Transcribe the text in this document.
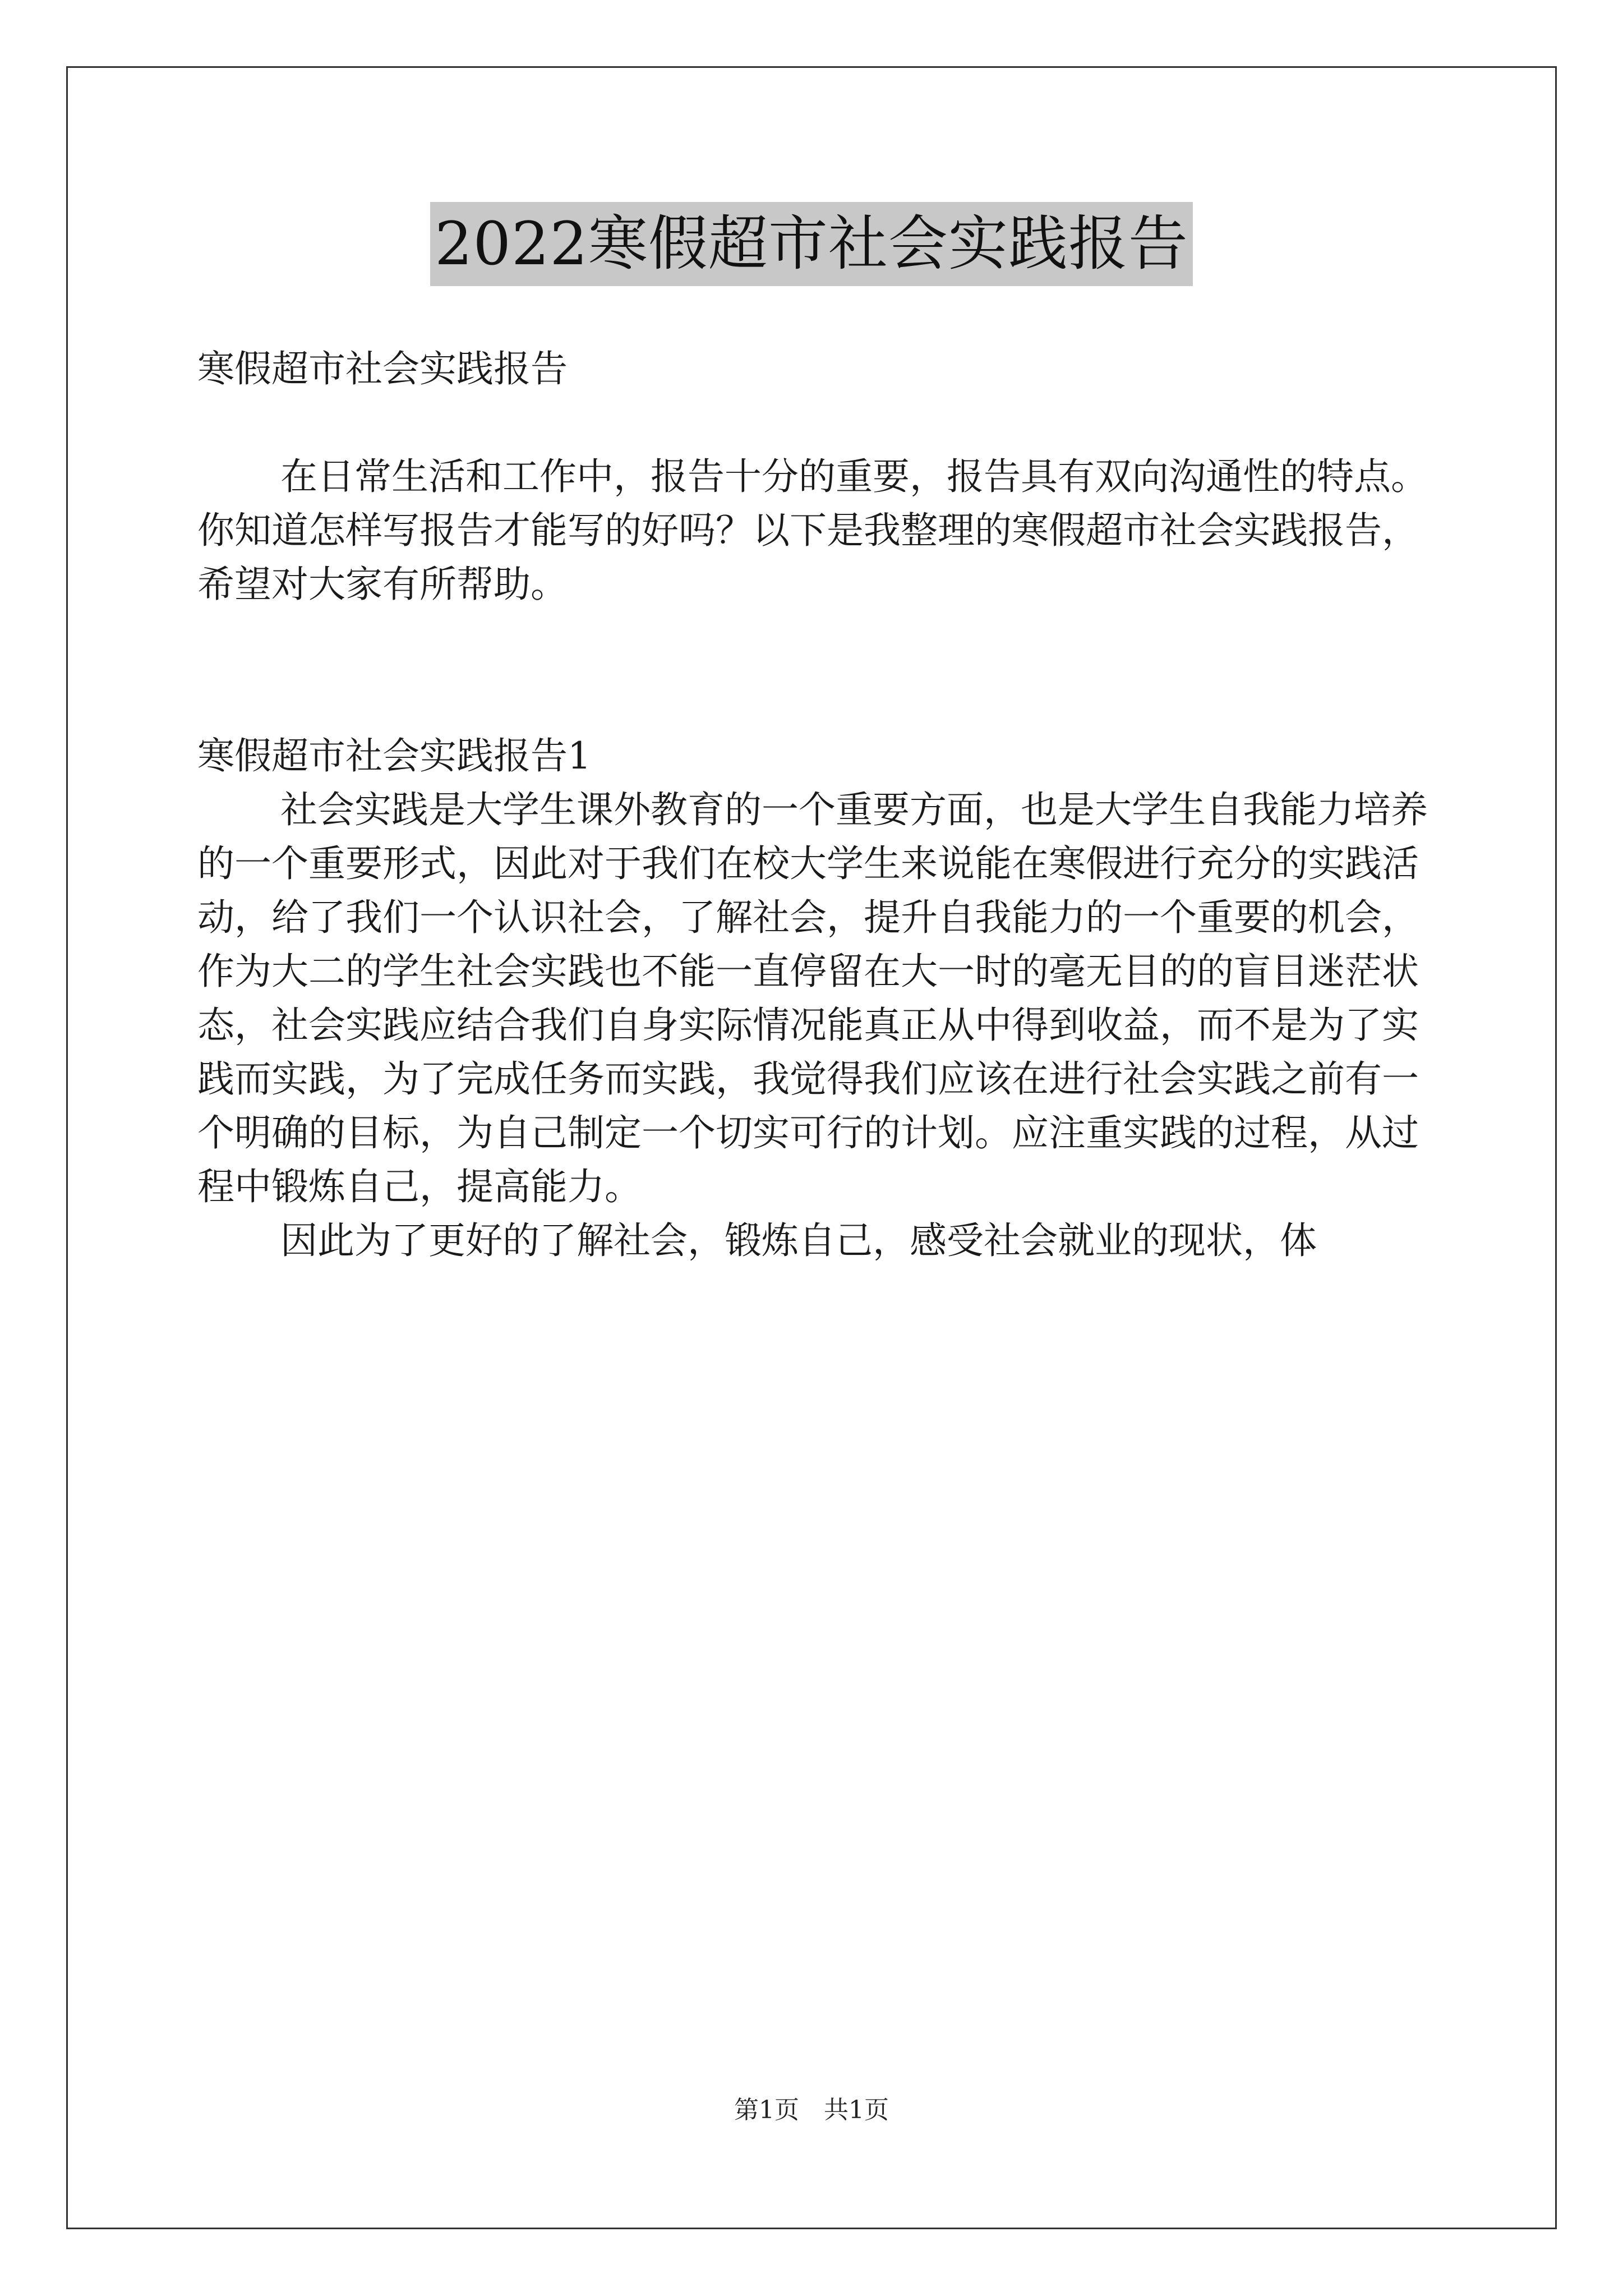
2022寒假超市社会实践报告

寒假超市社会实践报告

在日常生活和工作中，报告十分的重要，报告具有双向沟通性的特点。你知道怎样写报告才能写的好吗？以下是我整理的寒假超市社会实践报告，希望对大家有所帮助。

寒假超市社会实践报告1

社会实践是大学生课外教育的一个重要方面，也是大学生自我能力培养的一个重要形式，因此对于我们在校大学生来说能在寒假进行充分的实践活动，给了我们一个认识社会，了解社会，提升自我能力的一个重要的机会，作为大二的学生社会实践也不能一直停留在大一时的毫无目的的盲目迷茫状态，社会实践应结合我们自身实际情况能真正从中得到收益，而不是为了实践而实践，为了完成任务而实践，我觉得我们应该在进行社会实践之前有一个明确的目标，为自己制定一个切实可行的计划。应注重实践的过程，从过程中锻炼自己，提高能力。

因此为了更好的了解社会，锻炼自己，感受社会就业的现状，体

第1页　共1页
